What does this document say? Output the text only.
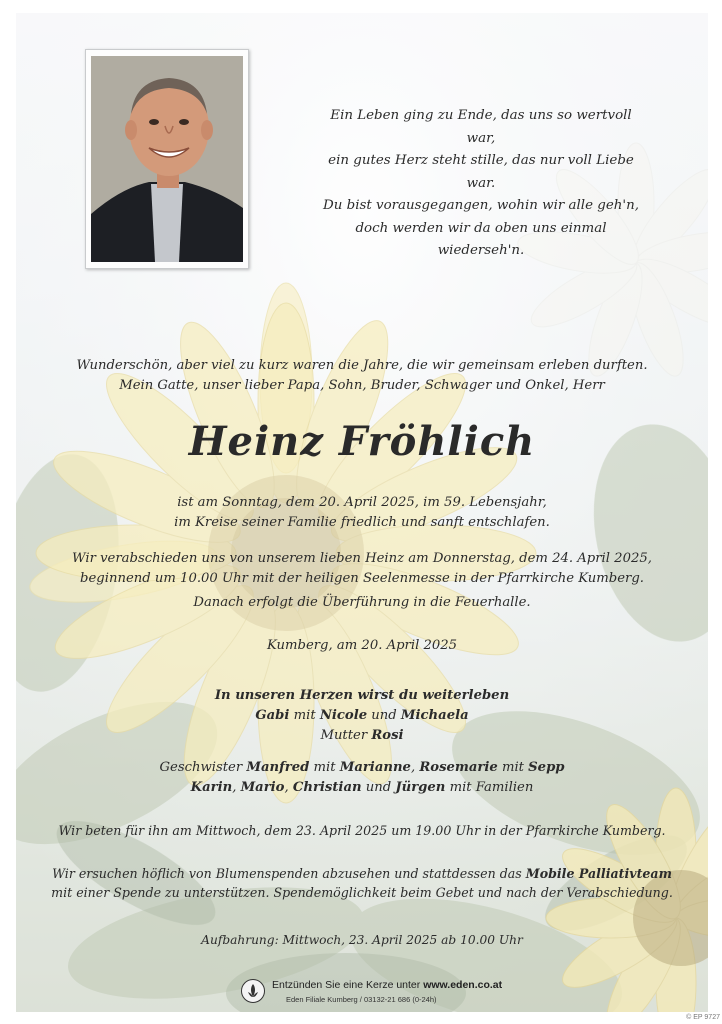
Ein Leben ging zu Ende, das uns so wertvoll war,
ein gutes Herz steht stille, das nur voll Liebe war.
Du bist vorausgegangen, wohin wir alle geh'n,
doch werden wir da oben uns einmal wiederseh'n.
Wunderschön, aber viel zu kurz waren die Jahre, die wir gemeinsam erleben durften.
Mein Gatte, unser lieber Papa, Sohn, Bruder, Schwager und Onkel, Herr
Heinz Fröhlich
ist am Sonntag, dem 20. April 2025, im 59. Lebensjahr,
im Kreise seiner Familie friedlich und sanft entschlafen.
Wir verabschieden uns von unserem lieben Heinz am Donnerstag, dem 24. April 2025,
beginnend um 10.00 Uhr mit der heiligen Seelenmesse in der Pfarrkirche Kumberg.
Danach erfolgt die Überführung in die Feuerhalle.
Kumberg, am 20. April 2025
In unseren Herzen wirst du weiterleben
Gabi mit Nicole und Michaela
Mutter Rosi
Geschwister Manfred mit Marianne, Rosemarie mit Sepp
Karin, Mario, Christian und Jürgen mit Familien
Wir beten für ihn am Mittwoch, dem 23. April 2025 um 19.00 Uhr in der Pfarrkirche Kumberg.
Wir ersuchen höflich von Blumenspenden abzusehen und stattdessen das Mobile Palliativteam
mit einer Spende zu unterstützen. Spendemöglichkeit beim Gebet und nach der Verabschiedung.
Aufbahrung: Mittwoch, 23. April 2025 ab 10.00 Uhr
Entzünden Sie eine Kerze unter www.eden.co.at
Eden Filiale Kumberg / 03132-21 686 (0-24h)
© EP 9727
